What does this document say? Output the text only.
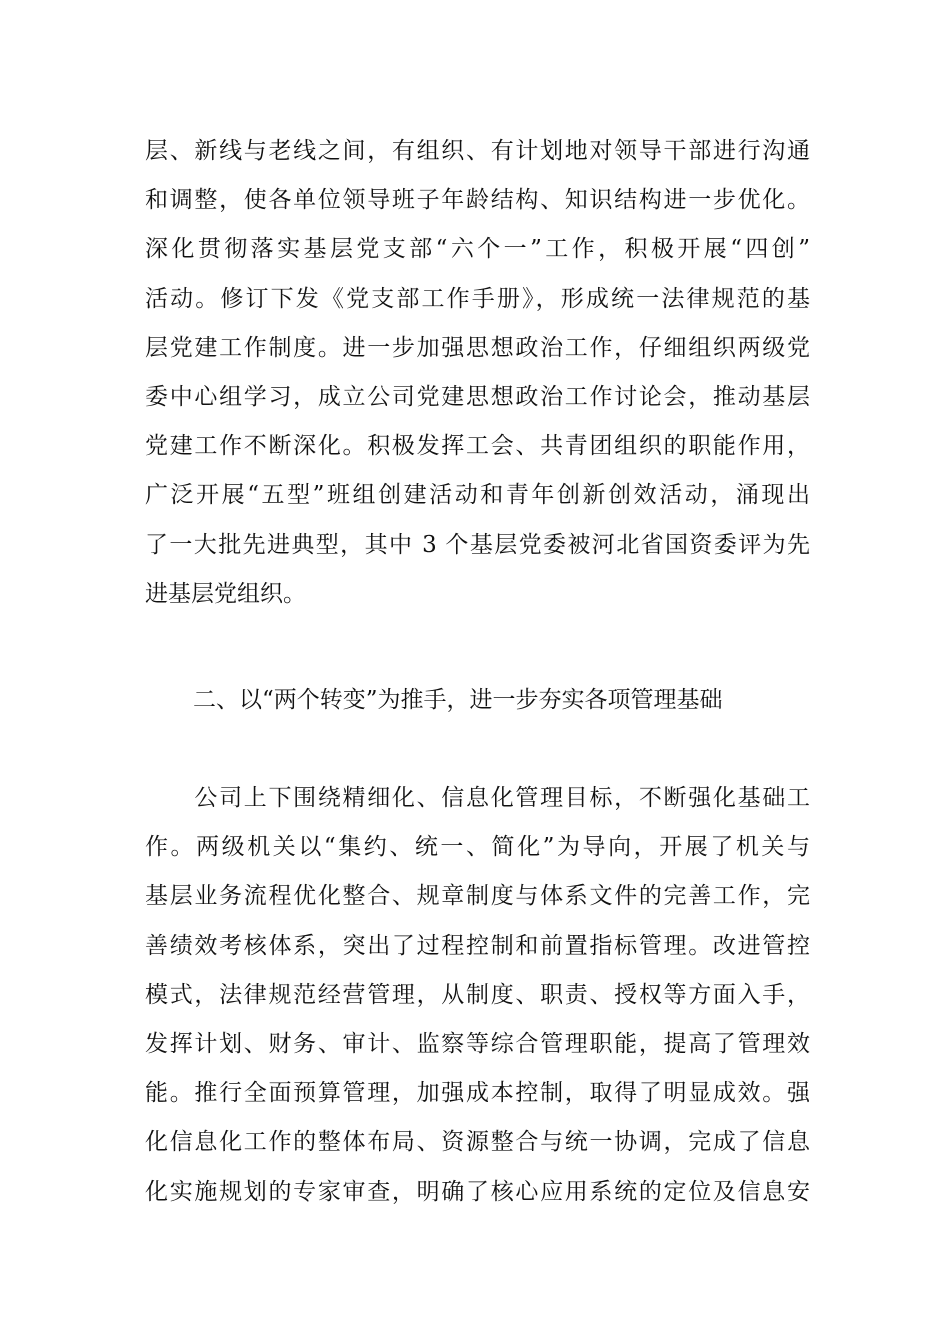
层、新线与老线之间，有组织、有计划地对领导干部进行沟通
和调整，使各单位领导班子年龄结构、知识结构进一步优化。
深化贯彻落实基层党支部“六个一”工作，积极开展“四创”
活动。修订下发《党支部工作手册》，形成统一法律规范的基
层党建工作制度。进一步加强思想政治工作，仔细组织两级党
委中心组学习，成立公司党建思想政治工作讨论会，推动基层
党建工作不断深化。积极发挥工会、共青团组织的职能作用，
广泛开展“五型”班组创建活动和青年创新创效活动，涌现出
了一大批先进典型，其中 3 个基层党委被河北省国资委评为先
进基层党组织。
二、以“两个转变”为推手，进一步夯实各项管理基础
　　公司上下围绕精细化、信息化管理目标，不断强化基础工
作。两级机关以“集约、统一、简化”为导向，开展了机关与
基层业务流程优化整合、规章制度与体系文件的完善工作，完
善绩效考核体系，突出了过程控制和前置指标管理。改进管控
模式，法律规范经营管理，从制度、职责、授权等方面入手，
发挥计划、财务、审计、监察等综合管理职能，提高了管理效
能。推行全面预算管理，加强成本控制，取得了明显成效。强
化信息化工作的整体布局、资源整合与统一协调，完成了信息
化实施规划的专家审查，明确了核心应用系统的定位及信息安
